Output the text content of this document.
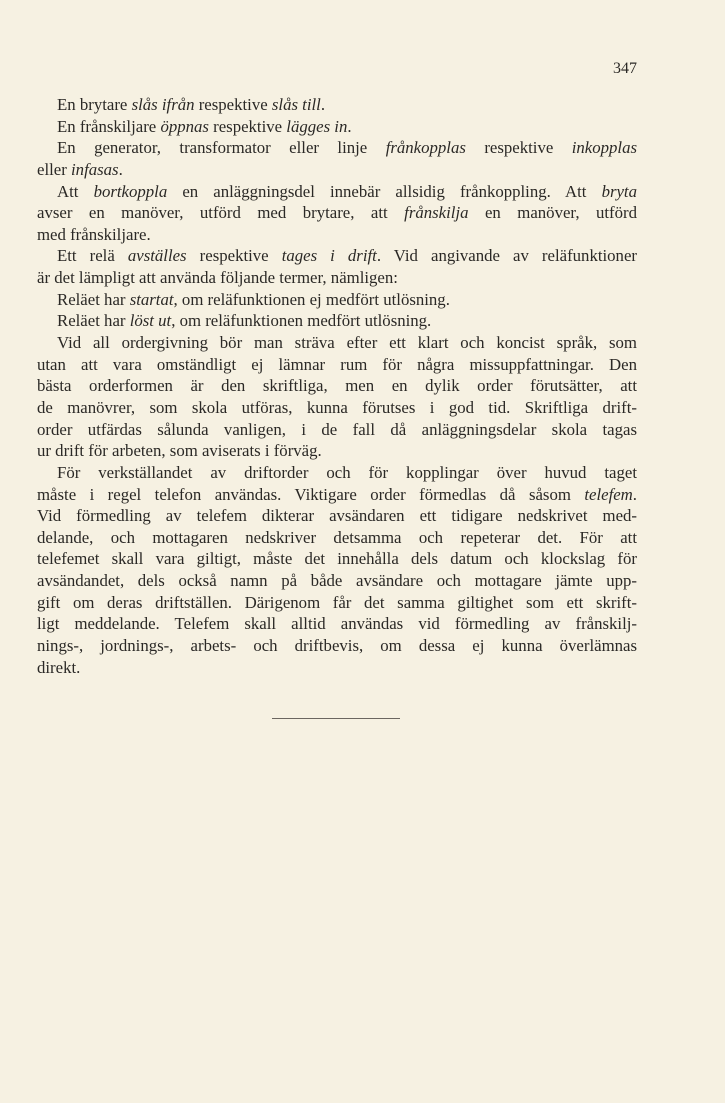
347
En brytare slås ifrån respektive slås till.
En frånskiljare öppnas respektive lägges in.
En generator, transformator eller linje frånkopplas respektive inkopplas
eller infasas.
Att bortkoppla en anläggningsdel innebär allsidig frånkoppling. Att bryta
avser en manöver, utförd med brytare, att frånskilja en manöver, utförd
med frånskiljare.
Ett relä avställes respektive tages i drift. Vid angivande av reläfunktioner
är det lämpligt att använda följande termer, nämligen:
Reläet har startat, om reläfunktionen ej medfört utlösning.
Reläet har löst ut, om reläfunktionen medfört utlösning.
Vid all ordergivning bör man sträva efter ett klart och koncist språk, som
utan att vara omständligt ej lämnar rum för några missuppfattningar. Den
bästa orderformen är den skriftliga, men en dylik order förutsätter, att
de manövrer, som skola utföras, kunna förutses i god tid. Skriftliga drift-
order utfärdas sålunda vanligen, i de fall då anläggningsdelar skola tagas
ur drift för arbeten, som aviserats i förväg.
För verkställandet av driftorder och för kopplingar över huvud taget
måste i regel telefon användas. Viktigare order förmedlas då såsom telefem.
Vid förmedling av telefem dikterar avsändaren ett tidigare nedskrivet med-
delande, och mottagaren nedskriver detsamma och repeterar det. För att
telefemet skall vara giltigt, måste det innehålla dels datum och klockslag för
avsändandet, dels också namn på både avsändare och mottagare jämte upp-
gift om deras driftställen. Därigenom får det samma giltighet som ett skrift-
ligt meddelande. Telefem skall alltid användas vid förmedling av frånskilj-
nings-, jordnings-, arbets- och driftbevis, om dessa ej kunna överlämnas
direkt.
